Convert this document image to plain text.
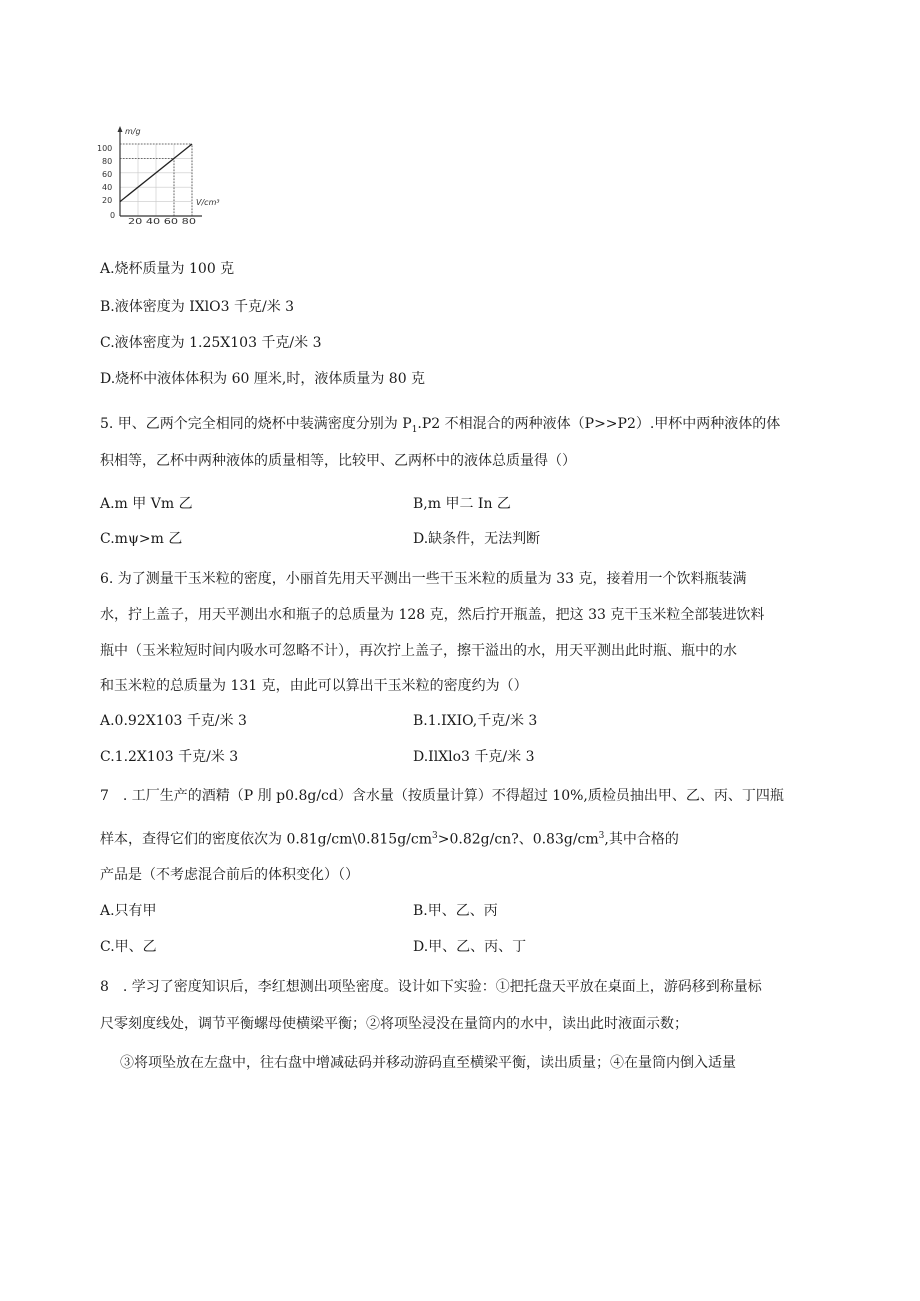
m/g
V/cm³
100
80
60
40
20
0
20 40 60 80
A.烧杯质量为 100 克
B.液体密度为 IXlO3 千克/米 3
C.液体密度为 1.25X103 千克/米 3
D.烧杯中液体体积为 60 厘米,时，液体质量为 80 克
5. 甲、乙两个完全相同的烧杯中装满密度分别为 $P_1.P2$ 不相混合的两种液体（P>>P2）.甲杯中两种液体的体
积相等，乙杯中两种液体的质量相等，比较甲、乙两杯中的液体总质量得（）
A.m 甲 Vm 乙	B,m 甲二 In 乙
C.mψ>m 乙	D.缺条件，无法判断
6. 为了测量干玉米粒的密度，小丽首先用天平测出一些干玉米粒的质量为 33 克，接着用一个饮料瓶装满
水，拧上盖子，用天平测出水和瓶子的总质量为 128 克，然后拧开瓶盖，把这 33 克干玉米粒全部装进饮料
瓶中（玉米粒短时间内吸水可忽略不计），再次拧上盖子，擦干溢出的水，用天平测出此时瓶、瓶中的水
和玉米粒的总质量为 131 克，由此可以算出干玉米粒的密度约为（）
A.0.92X103 千克/米 3	B.1.IXIO,千克/米 3
C.1.2X103 千克/米 3	D.IlXlo3 千克/米 3
7　. 工厂生产的酒精（P 刖 p0.8g/cd）含水量（按质量计算）不得超过 10%,质检员抽出甲、乙、丙、丁四瓶
样本，查得它们的密度依次为 $0.81g/cm\backslash 0.815g/cm^3>0.82g/cn$?、$0.83g/cm^3$,其中合格的
产品是（不考虑混合前后的体积变化）（）
A.只有甲	B.甲、乙、丙
C.甲、乙	D.甲、乙、丙、丁
8　. 学习了密度知识后，李红想测出项坠密度。设计如下实验：①把托盘天平放在桌面上，游码移到称量标
尺零刻度线处，调节平衡螺母使横梁平衡；②将项坠浸没在量筒内的水中，读出此时液面示数；
③将项坠放在左盘中，往右盘中增减砝码并移动游码直至横梁平衡，读出质量；④在量筒内倒入适量
